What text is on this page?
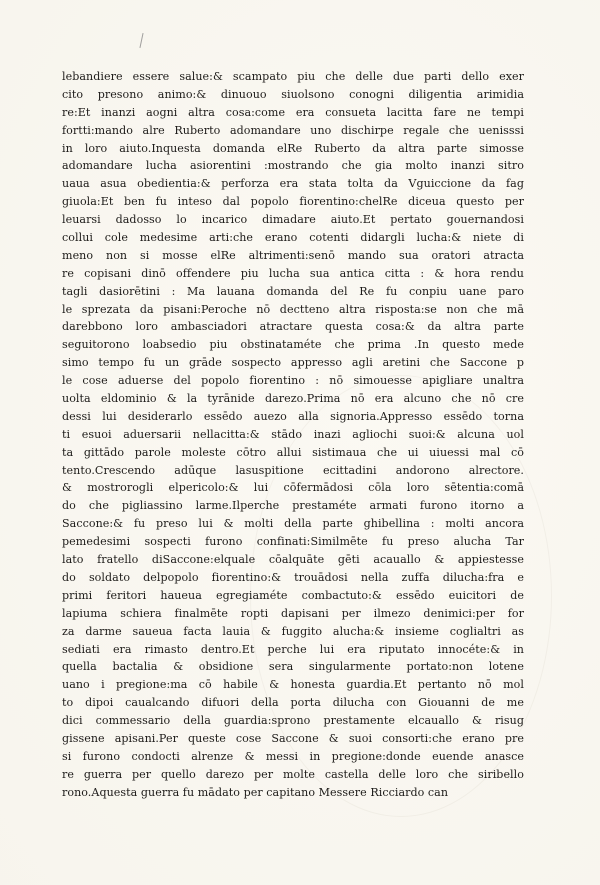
lebandiere essere salue:& scampato piu che delle due parti dello exer
cito presono animo:& dinuouo siuolsono conogni diligentia arimidia
re:Et inanzi aogni altra cosa:come era consueta lacitta fare ne tempi
fortti:mando alre Ruberto adomandare uno dischirpe regale che uenisssi
in loro aiuto.Inquesta domanda elRe Ruberto da altra parte simosse
adomandare lucha asiorentini :mostrando che gia molto inanzi sitro
uaua asua obedientia:& perforza era stata tolta da Vguiccione da fag
giuola:Et ben fu inteso dal popolo fiorentino:chelRe diceua questo per
leuarsi dadosso lo incarico dimadare aiuto.Et pertato gouernandosi
collui cole medesime arti:che erano cotenti didargli lucha:& niete di
meno non si mosse elRe altrimenti:senō mando sua oratori atracta
re copisani dinō offendere piu lucha sua antica citta : & hora rendu
tagli dasiorētini : Ma lauana domanda del Re fu conpiu uane paro
le sprezata da pisani:Peroche nō dectteno altra risposta:se non che mā
darebbono loro ambasciadori atractare questa cosa:& da altra parte
seguitorono loabsedio piu obstinataméte che prima .In questo mede
simo tempo fu un grāde sospecto appresso agli aretini che Saccone p
le cose aduerse del popolo fiorentino : nō simouesse apigliare unaltra
uolta eldominio & la tyrānide darezo.Prima nō era alcuno che nō cre
dessi lui desiderarlo essēdo auezo alla signoria.Appresso essēdo torna
ti esuoi aduersarii nellacitta:& stādo inazi agliochi suoi:& alcuna uol
ta gittādo parole moleste cōtro allui sistimaua che ui uiuessi mal cō
tento.Crescendo adūque lasuspitione ecittadini andorono alrectore.
& mostrorogli elpericolo:& lui cōfermādosi cōla loro sētentia:comā
do che pigliassino larme.Ilperche prestaméte armati furono itorno a
Saccone:& fu preso lui & molti della parte ghibellina : molti ancora
pemedesimi sospecti furono confinati:Similmēte fu preso alucha Tar
lato fratello diSaccone:elquale cōalquāte gēti acauallo & appiestesse
do soldato delpopolo fiorentino:& trouādosi nella zuffa dilucha:fra e
primi feritori haueua egregiaméte combactuto:& essēdo euicitori de
lapiuma schiera finalmēte ropti dapisani per ilmezo denimici:per for
za darme saueua facta lauia & fuggito alucha:& insieme coglialtri as
sediati era rimasto dentro.Et perche lui era riputato innocéte:& in
quella bactalia & obsidione sera singularmente portato:non lotene
uano i pregione:ma cō habile & honesta guardia.Et pertanto nō mol
to dipoi caualcando difuori della porta dilucha con Giouanni de me
dici commessario della guardia:sprono prestamente elcauallo & risug
gissene apisani.Per queste cose Saccone & suoi consorti:che erano pre
si furono condocti alrenze & messi in pregione:donde euende anasce
re guerra per quello darezo per molte castella delle loro che siribello
rono.Aquesta guerra fu mādato per capitano Messere Ricciardo can
